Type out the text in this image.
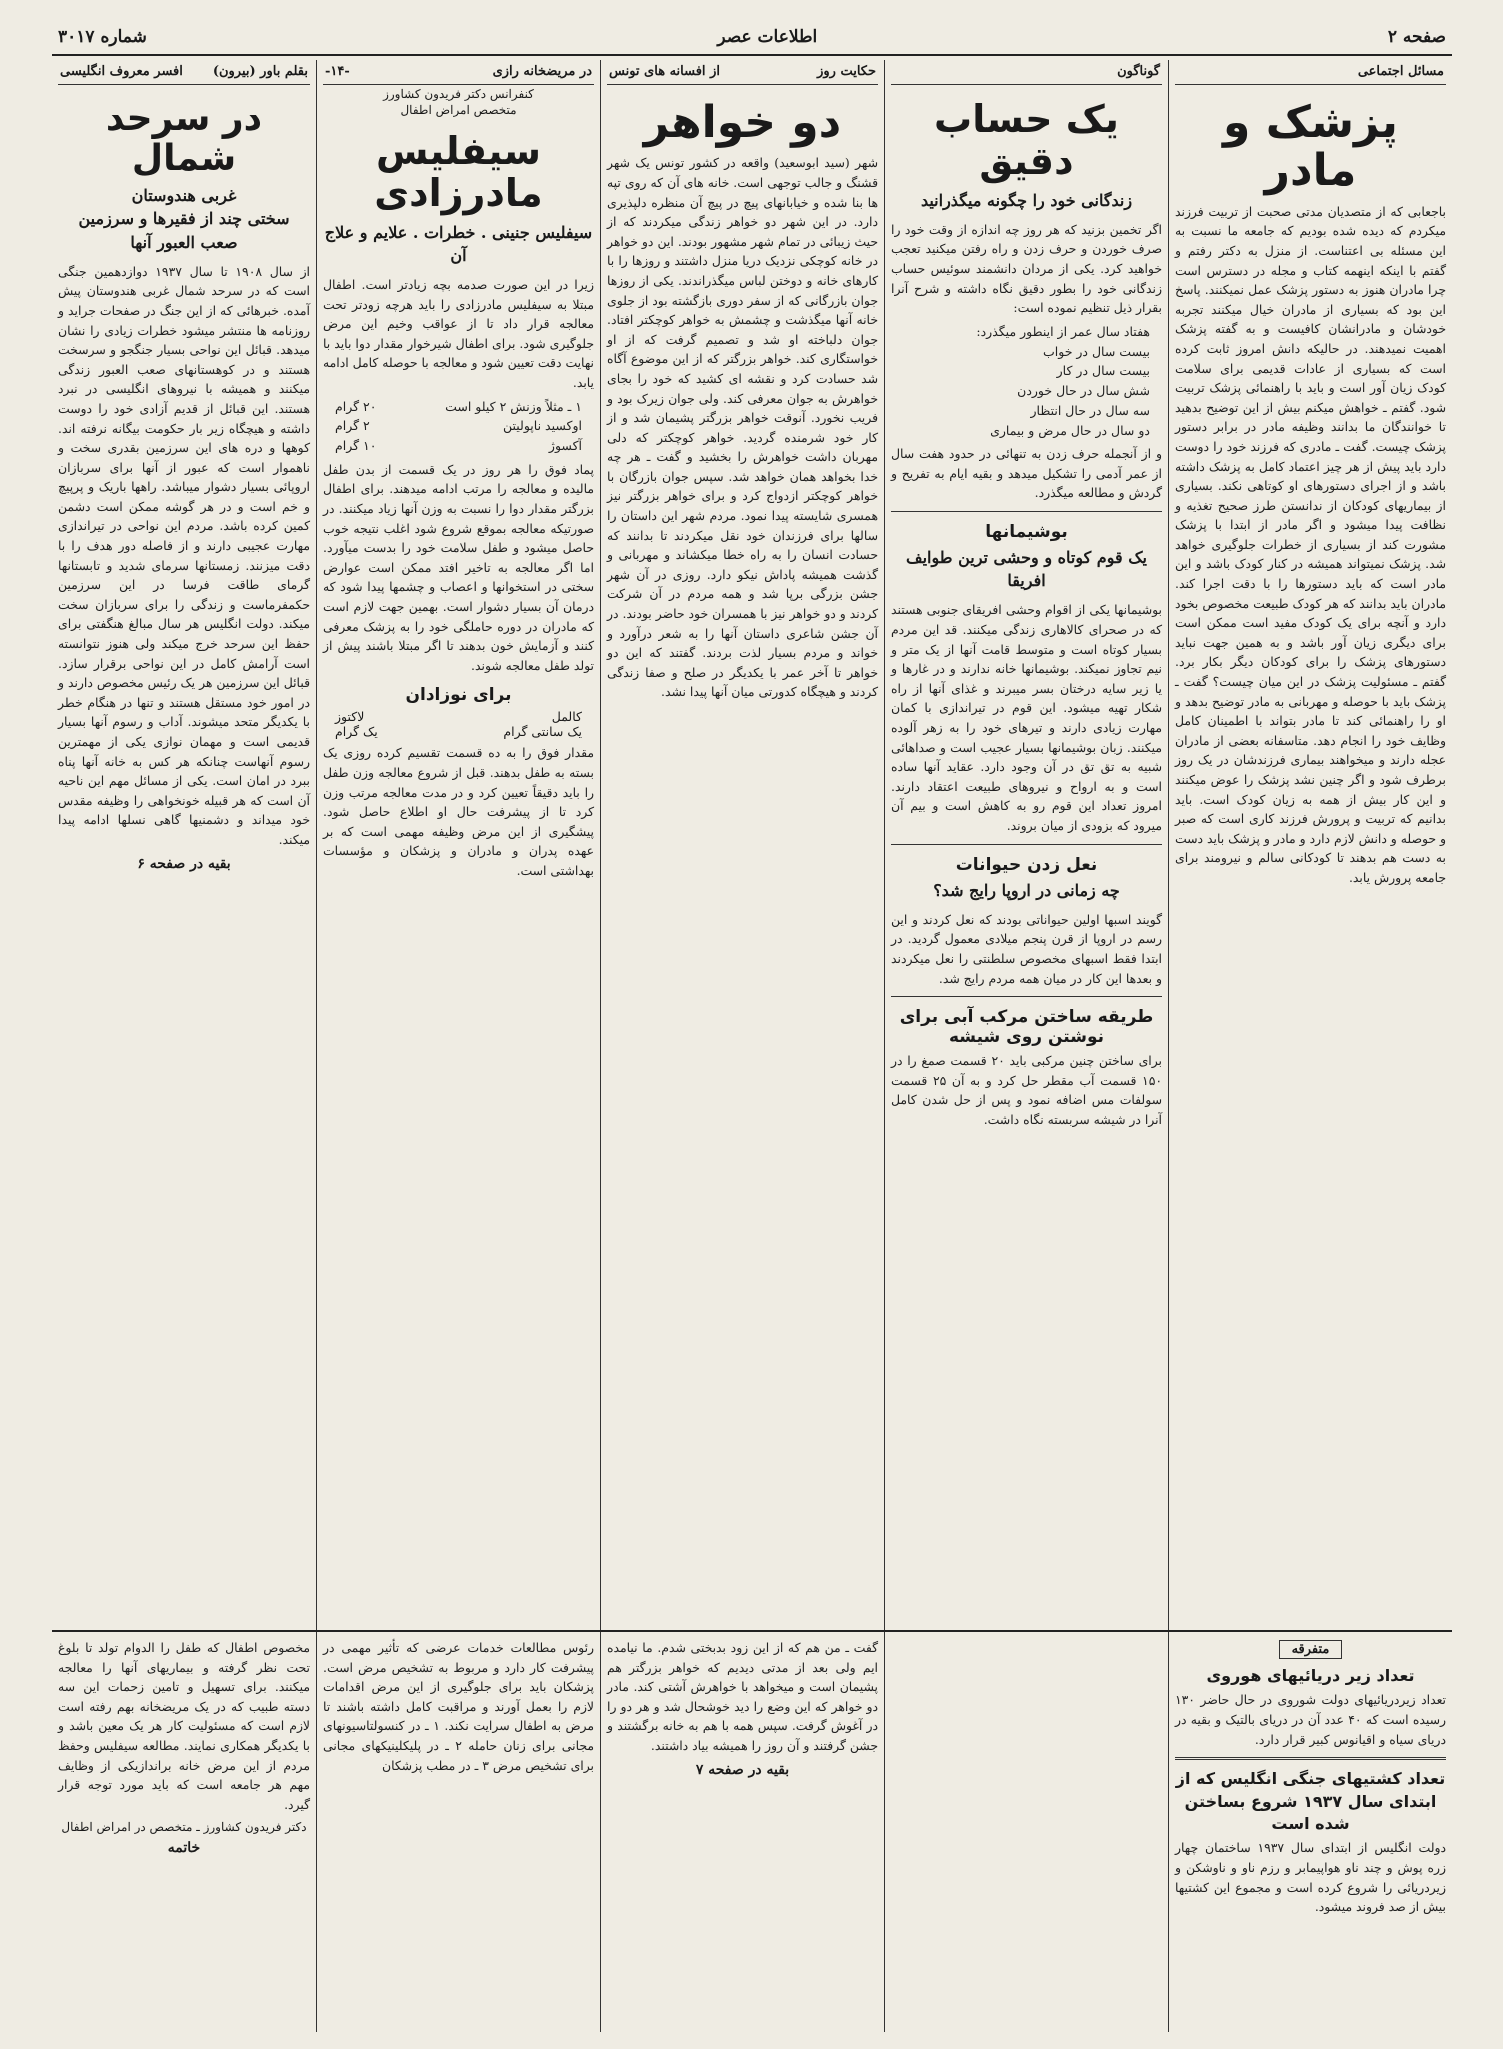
صفحه ۲
اطلاعات عصر
شماره ۳۰۱۷
مسائل اجتماعی
پزشک و مادر

باجعابی که از متصدیان مدتی صحبت از تربیت فرزند میکردم که دیده شده بودیم که جامعه ما نسبت به این مسئله بی اعتناست. از منزل به دکتر رفتم و گفتم با اینکه اینهمه کتاب و مجله در دسترس است چرا مادران هنوز به دستور پزشک عمل نمیکنند. پاسخ این بود که بسیاری از مادران خیال میکنند تجربه خودشان و مادرانشان کافیست و به گفته پزشک اهمیت نمیدهند. در حالیکه دانش امروز ثابت کرده است که بسیاری از عادات قدیمی برای سلامت کودک زیان آور است و باید با راهنمائی پزشک تربیت شود. گفتم ـ خواهش میکنم بیش از این توضیح بدهید تا خوانندگان ما بدانند وظیفه مادر در برابر دستور پزشک چیست. گفت ـ مادری که فرزند خود را دوست دارد باید پیش از هر چیز اعتماد کامل به پزشک داشته باشد و از اجرای دستورهای او کوتاهی نکند. بسیاری از بیماریهای کودکان از ندانستن طرز صحیح تغذیه و نظافت پیدا میشود و اگر مادر از ابتدا با پزشک مشورت کند از بسیاری از خطرات جلوگیری خواهد شد. پزشک نمیتواند همیشه در کنار کودک باشد و این مادر است که باید دستورها را با دقت اجرا کند. مادران باید بدانند که هر کودک طبیعت مخصوص بخود دارد و آنچه برای یک کودک مفید است ممکن است برای دیگری زیان آور باشد و به همین جهت نباید دستورهای پزشک را برای کودکان دیگر بکار برد. گفتم ـ مسئولیت پزشک در این میان چیست؟ گفت ـ پزشک باید با حوصله و مهربانی به مادر توضیح بدهد و او را راهنمائی کند تا مادر بتواند با اطمینان کامل وظایف خود را انجام دهد. متاسفانه بعضی از مادران عجله دارند و میخواهند بیماری فرزندشان در یک روز برطرف شود و اگر چنین نشد پزشک را عوض میکنند و این کار بیش از همه به زیان کودک است. باید بدانیم که تربیت و پرورش فرزند کاری است که صبر و حوصله و دانش لازم دارد و مادر و پزشک باید دست به دست هم بدهند تا کودکانی سالم و نیرومند برای جامعه پرورش یابد.

گوناگون
یک حساب دقیق
زندگانی خود را چگونه میگذرانید

اگر تخمین بزنید که هر روز چه اندازه از وقت خود را صرف خوردن و حرف زدن و راه رفتن میکنید تعجب خواهید کرد. یکی از مردان دانشمند سوئیس حساب زندگانی خود را بطور دقیق نگاه داشته و شرح آنرا بقرار ذیل تنظیم نموده است:

هفتاد سال عمر از اینطور میگذرد:
بیست سال در خواب
بیست سال در کار
شش سال در حال خوردن
سه سال در حال انتظار
دو سال در حال مرض و بیماری

و از آنجمله حرف زدن به تنهائی در حدود هفت سال از عمر آدمی را تشکیل میدهد و بقیه ایام به تفریح و گردش و مطالعه میگذرد.

بوشیمانها
یک قوم کوتاه و وحشی ترین طوایف افریقا

بوشیمانها یکی از اقوام وحشی افریقای جنوبی هستند که در صحرای کالاهاری زندگی میکنند. قد این مردم بسیار کوتاه است و متوسط قامت آنها از یک متر و نیم تجاوز نمیکند. بوشیمانها خانه ندارند و در غارها و یا زیر سایه درختان بسر میبرند و غذای آنها از راه شکار تهیه میشود. این قوم در تیراندازی با کمان مهارت زیادی دارند و تیرهای خود را به زهر آلوده میکنند. زبان بوشیمانها بسیار عجیب است و صداهائی شبیه به تق تق در آن وجود دارد. عقاید آنها ساده است و به ارواح و نیروهای طبیعت اعتقاد دارند. امروز تعداد این قوم رو به کاهش است و بیم آن میرود که بزودی از میان بروند.

نعل زدن حیوانات
چه زمانی در اروپا رایج شد؟

گویند اسبها اولین حیواناتی بودند که نعل کردند و این رسم در اروپا از قرن پنجم میلادی معمول گردید. در ابتدا فقط اسبهای مخصوص سلطنتی را نعل میکردند و بعدها این کار در میان همه مردم رایج شد.

طریقه ساختن مرکب آبی برای نوشتن روی شیشه

برای ساختن چنین مرکبی باید ۲۰ قسمت صمغ را در ۱۵۰ قسمت آب مقطر حل کرد و به آن ۲۵ قسمت سولفات مس اضافه نمود و پس از حل شدن کامل آنرا در شیشه سربسته نگاه داشت.

حکایت روز
از افسانه های تونس
دو خواهر

شهر (سید ابوسعید) واقعه در کشور تونس یک شهر قشنگ و جالب توجهی است. خانه های آن که روی تپه ها بنا شده و خیابانهای پیچ در پیچ آن منظره دلپذیری دارد. در این شهر دو خواهر زندگی میکردند که از حیث زیبائی در تمام شهر مشهور بودند. این دو خواهر در خانه کوچکی نزدیک دریا منزل داشتند و روزها را با کارهای خانه و دوختن لباس میگذراندند. یکی از روزها جوان بازرگانی که از سفر دوری بازگشته بود از جلوی خانه آنها میگذشت و چشمش به خواهر کوچکتر افتاد. جوان دلباخته او شد و تصمیم گرفت که از او خواستگاری کند. خواهر بزرگتر که از این موضوع آگاه شد حسادت کرد و نقشه ای کشید که خود را بجای خواهرش به جوان معرفی کند. ولی جوان زیرک بود و فریب نخورد. آنوقت خواهر بزرگتر پشیمان شد و از کار خود شرمنده گردید. خواهر کوچکتر که دلی مهربان داشت خواهرش را بخشید و گفت ـ هر چه خدا بخواهد همان خواهد شد. سپس جوان بازرگان با خواهر کوچکتر ازدواج کرد و برای خواهر بزرگتر نیز همسری شایسته پیدا نمود. مردم شهر این داستان را سالها برای فرزندان خود نقل میکردند تا بدانند که حسادت انسان را به راه خطا میکشاند و مهربانی و گذشت همیشه پاداش نیکو دارد. روزی در آن شهر جشن بزرگی برپا شد و همه مردم در آن شرکت کردند و دو خواهر نیز با همسران خود حاضر بودند. در آن جشن شاعری داستان آنها را به شعر درآورد و خواند و مردم بسیار لذت بردند. گفتند که این دو خواهر تا آخر عمر با یکدیگر در صلح و صفا زندگی کردند و هیچگاه کدورتی میان آنها پیدا نشد.

در مریضخانه رازی
-۱۴-
کنفرانس دکتر فریدون کشاورز
متخصص امراض اطفال
سیفلیس مادرزادی
سیفلیس جنینی . خطرات . علایم و علاج آن

زیرا در این صورت صدمه بچه زیادتر است. اطفال مبتلا به سیفلیس مادرزادی را باید هرچه زودتر تحت معالجه قرار داد تا از عواقب وخیم این مرض جلوگیری شود. برای اطفال شیرخوار مقدار دوا باید با نهایت دقت تعیین شود و معالجه با حوصله کامل ادامه یابد.

۱ ـ مثلاً وزنش ۲ کیلو است
۲۰ گرام
اوکسید ناپولیتن
۲ گرام
آکسوژ
۱۰ گرام

پماد فوق را هر روز در یک قسمت از بدن طفل مالیده و معالجه را مرتب ادامه میدهند. برای اطفال بزرگتر مقدار دوا را نسبت به وزن آنها زیاد میکنند. در صورتیکه معالجه بموقع شروع شود اغلب نتیجه خوب حاصل میشود و طفل سلامت خود را بدست میآورد. اما اگر معالجه به تاخیر افتد ممکن است عوارض سختی در استخوانها و اعصاب و چشمها پیدا شود که درمان آن بسیار دشوار است. بهمین جهت لازم است که مادران در دوره حاملگی خود را به پزشک معرفی کنند و آزمایش خون بدهند تا اگر مبتلا باشند پیش از تولد طفل معالجه شوند.

برای نوزادان
کالمل
لاکتوز
یک سانتی گرام
یک گرام

مقدار فوق را به ده قسمت تقسیم کرده روزی یک بسته به طفل بدهند. قبل از شروع معالجه وزن طفل را باید دقیقاً تعیین کرد و در مدت معالجه مرتب وزن کرد تا از پیشرفت حال او اطلاع حاصل شود. پیشگیری از این مرض وظیفه مهمی است که بر عهده پدران و مادران و پزشکان و مؤسسات بهداشتی است.

بقلم باور (بیرون)
افسر معروف انگلیسی
در سرحد شمال
غربی هندوستان
سختی چند از فقیرها و سرزمین صعب العبور آنها

از سال ۱۹۰۸ تا سال ۱۹۳۷ دوازدهمین جنگی است که در سرحد شمال غربی هندوستان پیش آمده. خبرهائی که از این جنگ در صفحات جراید و روزنامه ها منتشر میشود خطرات زیادی را نشان میدهد. قبائل این نواحی بسیار جنگجو و سرسخت هستند و در کوهستانهای صعب العبور زندگی میکنند و همیشه با نیروهای انگلیسی در نبرد هستند. این قبائل از قدیم آزادی خود را دوست داشته و هیچگاه زیر بار حکومت بیگانه نرفته اند. کوهها و دره های این سرزمین بقدری سخت و ناهموار است که عبور از آنها برای سربازان اروپائی بسیار دشوار میباشد. راهها باریک و پرپیچ و خم است و در هر گوشه ممکن است دشمن کمین کرده باشد. مردم این نواحی در تیراندازی مهارت عجیبی دارند و از فاصله دور هدف را با دقت میزنند. زمستانها سرمای شدید و تابستانها گرمای طاقت فرسا در این سرزمین حکمفرماست و زندگی را برای سربازان سخت میکند. دولت انگلیس هر سال مبالغ هنگفتی برای حفظ این سرحد خرج میکند ولی هنوز نتوانسته است آرامش کامل در این نواحی برقرار سازد. قبائل این سرزمین هر یک رئیس مخصوص دارند و در امور خود مستقل هستند و تنها در هنگام خطر با یکدیگر متحد میشوند. آداب و رسوم آنها بسیار قدیمی است و مهمان نوازی یکی از مهمترین رسوم آنهاست چنانکه هر کس به خانه آنها پناه ببرد در امان است. یکی از مسائل مهم این ناحیه آن است که هر قبیله خونخواهی را وظیفه مقدس خود میداند و دشمنیها گاهی نسلها ادامه پیدا میکند.

بقیه در صفحه ۶
متفرقه
تعداد زیر دریائیهای هوروی
تعداد زیردریائیهای دولت شوروی در حال حاضر ۱۳۰ رسیده است که ۴۰ عدد آن در دریای بالتیک و بقیه در دریای سیاه و اقیانوس کبیر قرار دارد.
تعداد کشتیهای جنگی انگلیس که از ابتدای سال ۱۹۳۷ شروع بساختن شده است
دولت انگلیس از ابتدای سال ۱۹۳۷ ساختمان چهار زره پوش و چند ناو هواپیمابر و رزم ناو و ناوشکن و زیردریائی را شروع کرده است و مجموع این کشتیها بیش از صد فروند میشود.
گفت ـ من هم که از این زود بدبختی شدم. ما نیامده ایم ولی بعد از مدتی دیدیم که خواهر بزرگتر هم پشیمان است و میخواهد با خواهرش آشتی کند. مادر دو خواهر که این وضع را دید خوشحال شد و هر دو را در آغوش گرفت. سپس همه با هم به خانه برگشتند و جشن گرفتند و آن روز را همیشه بیاد داشتند.
بقیه در صفحه ۷
رئوس مطالعات خدمات عرضی که تأثیر مهمی در پیشرفت کار دارد و مربوط به تشخیص مرض است. پزشکان باید برای جلوگیری از این مرض اقدامات لازم را بعمل آورند و مراقبت کامل داشته باشند تا مرض به اطفال سرایت نکند. ۱ ـ در کنسولتاسیونهای مجانی برای زنان حامله ۲ ـ در پلیکلینیکهای مجانی برای تشخیص مرض ۳ ـ در مطب پزشکان
مخصوص اطفال که طفل را الدوام تولد تا بلوغ تحت نظر گرفته و بیماریهای آنها را معالجه میکنند. برای تسهیل و تامین زحمات این سه دسته طبیب که در یک مریضخانه بهم رفته است لازم است که مسئولیت کار هر یک معین باشد و با یکدیگر همکاری نمایند. مطالعه سیفلیس وحفظ مردم از این مرض خانه براندازیکی از وظایف مهم هر جامعه است که باید مورد توجه قرار گیرد.
دکتر فریدون کشاورز ـ متخصص در امراض اطفال
خاتمه
